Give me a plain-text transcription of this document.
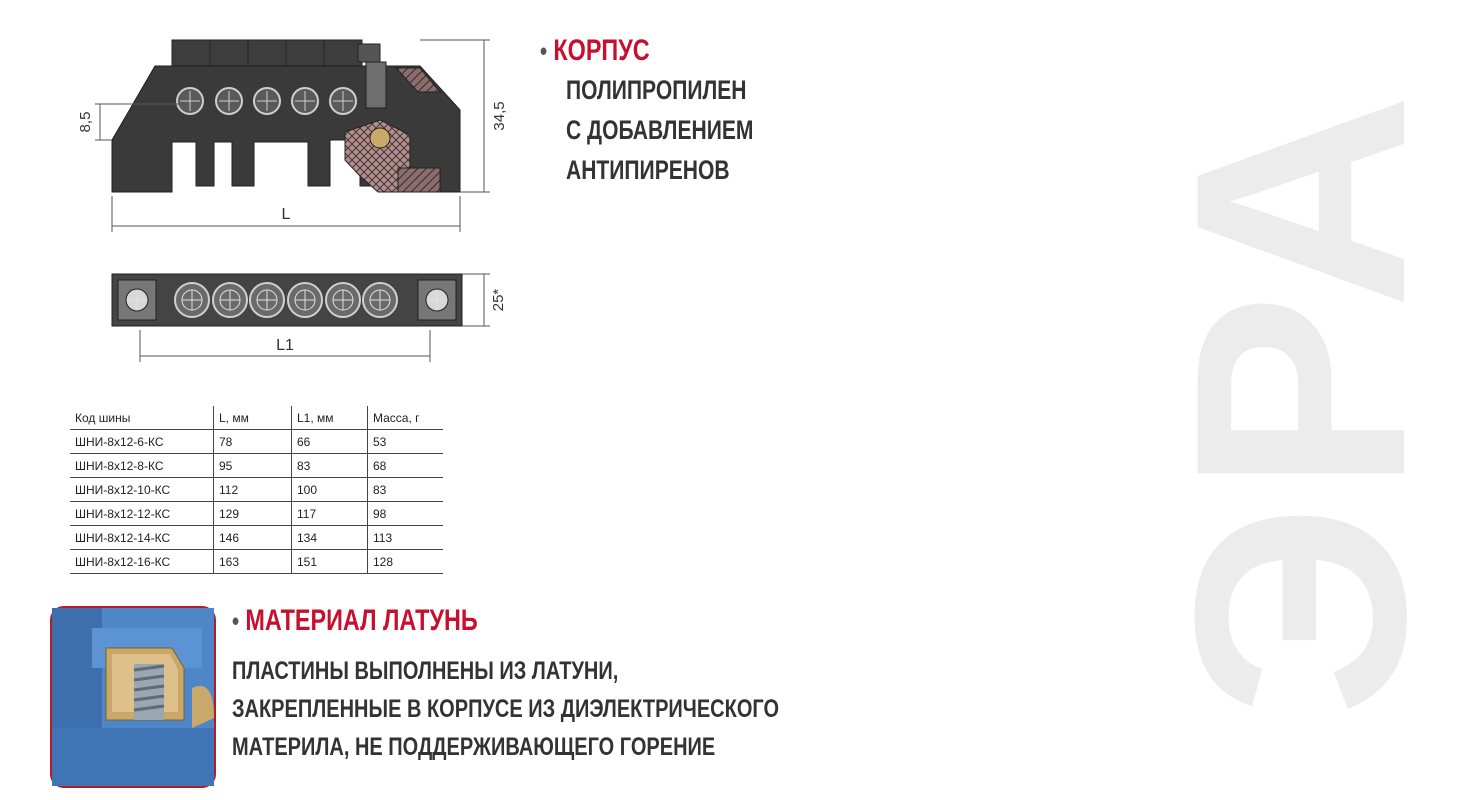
ЭРА
8,5	34,5
L
L1
25*
• КОРПУС
ПОЛИПРОПИЛЕН
С ДОБАВЛЕНИЕМ
АНТИПИРЕНОВ
Код шины	L, мм	L1, мм	Масса, г
ШНИ-8х12-6-КС	78	66	53
ШНИ-8х12-8-КС	95	83	68
ШНИ-8х12-10-КС	112	100	83
ШНИ-8х12-12-КС	129	117	98
ШНИ-8х12-14-КС	146	134	113
ШНИ-8х12-16-КС	163	151	128
• МАТЕРИАЛ ЛАТУНЬ
ПЛАСТИНЫ ВЫПОЛНЕНЫ ИЗ ЛАТУНИ,
ЗАКРЕПЛЕННЫЕ В КОРПУСЕ ИЗ ДИЭЛЕКТРИЧЕСКОГО
МАТЕРИЛА, НЕ ПОДДЕРЖИВАЮЩЕГО ГОРЕНИЕ
